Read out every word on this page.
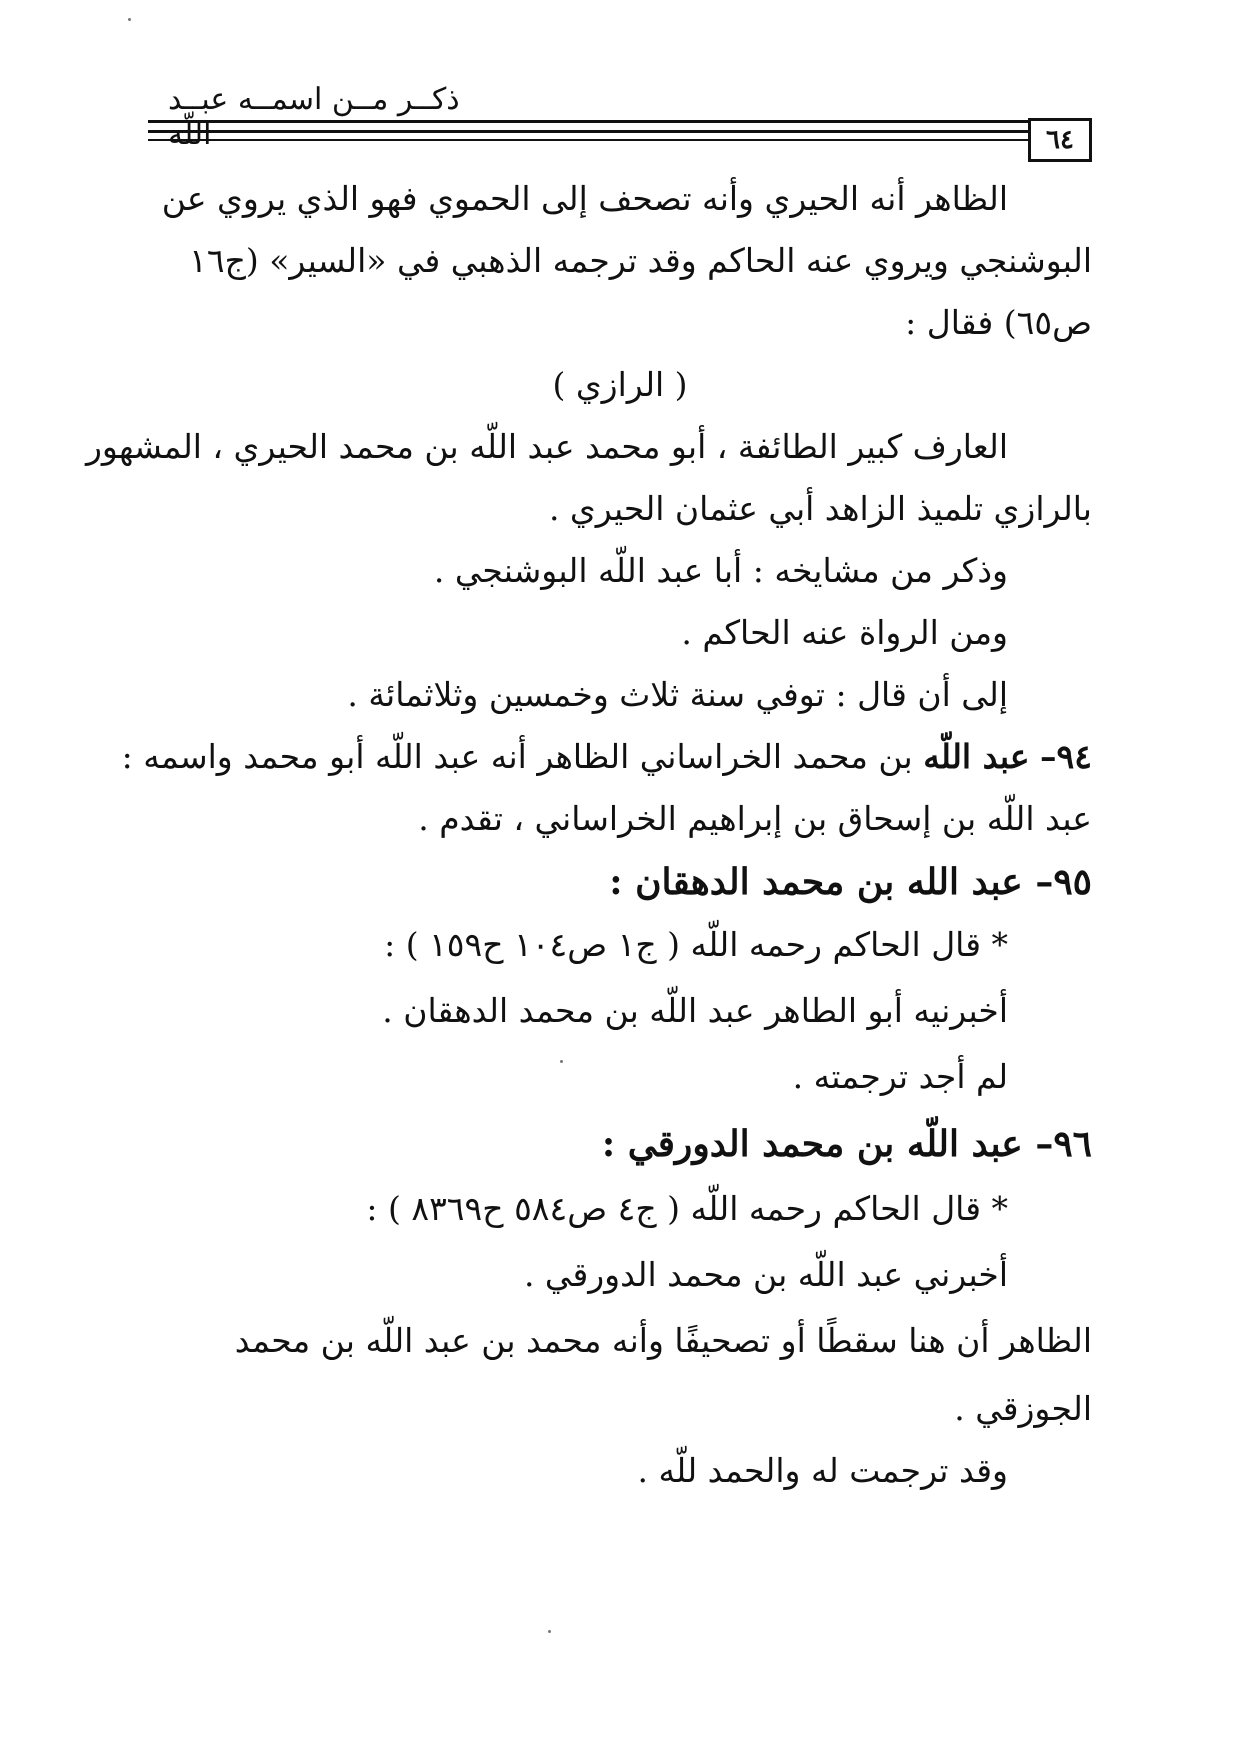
ذكــر مــن اسمــه عبــد اللّه	٦٤
الظاهر أنه الحيري وأنه تصحف إلى الحموي فهو الذي يروي عن
البوشنجي ويروي عنه الحاكم وقد ترجمه الذهبي في «السير» (ج١٦
ص٦٥) فقال :
( الرازي )
العارف كبير الطائفة ، أبو محمد عبد اللّه بن محمد الحيري ، المشهور
بالرازي تلميذ الزاهد أبي عثمان الحيري .
وذكر من مشايخه : أبا عبد اللّه البوشنجي .
ومن الرواة عنه الحاكم .
إلى أن قال : توفي سنة ثلاث وخمسين وثلاثمائة .
٩٤– عبد اللّه بن محمد الخراساني الظاهر أنه عبد اللّه أبو محمد واسمه :
عبد اللّه بن إسحاق بن إبراهيم الخراساني ، تقدم .
٩٥– عبد الله بن محمد الدهقان :
* قال الحاكم رحمه اللّه ( ج١ ص١٠٤ ح١٥٩ ) :
أخبرنيه أبو الطاهر عبد اللّه بن محمد الدهقان .
لم أجد ترجمته .
٩٦– عبد اللّه بن محمد الدورقي :
* قال الحاكم رحمه اللّه ( ج٤ ص٥٨٤ ح٨٣٦٩ ) :
أخبرني عبد اللّه بن محمد الدورقي .
الظاهر أن هنا سقطًا أو تصحيفًا وأنه محمد بن عبد اللّه بن محمد
الجوزقي .
وقد ترجمت له والحمد للّه .
